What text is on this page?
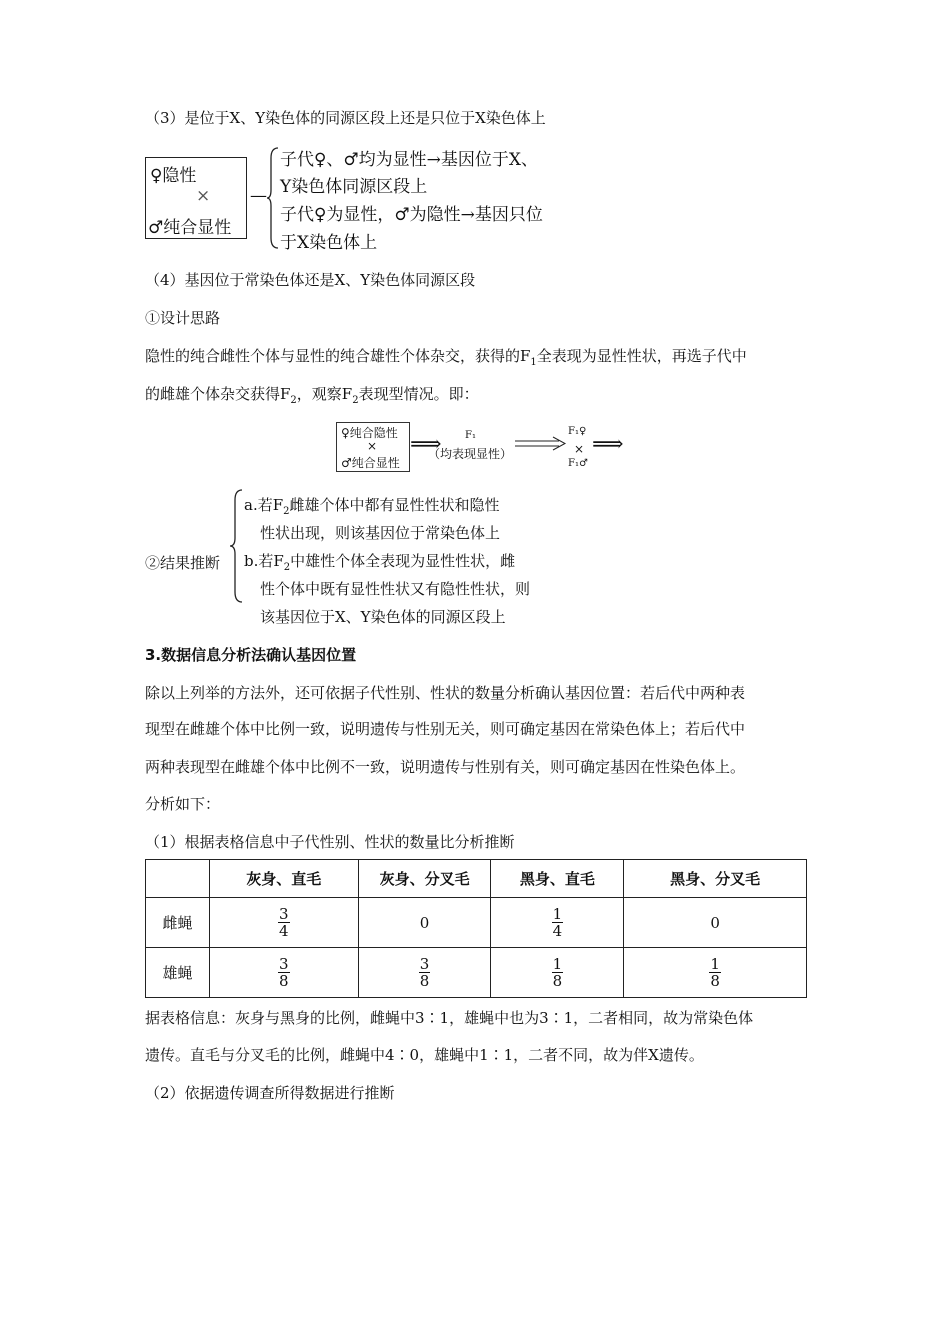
（3）是位于X、Y染色体的同源区段上还是只位于X染色体上
♀隐性
×
♂纯合显性
—
子代♀、♂均为显性→基因位于X、
Y染色体同源区段上
子代♀为显性，♂为隐性→基因只位
于X染色体上
（4）基因位于常染色体还是X、Y染色体同源区段
①设计思路
隐性的纯合雌性个体与显性的纯合雄性个体杂交，获得的$F_1$全表现为显性性状，再选子代中
的雌雄个体杂交获得$F_2$，观察$F_2$表现型情况。即：
♀纯合隐性
×
♂纯合显性
⟹ F₁
（均表现显性）
F₁♀
×
F₁♂
⟹
②结果推断
a.若$F_2$雌雄个体中都有显性性状和隐性
性状出现，则该基因位于常染色体上
b.若$F_2$中雄性个体全表现为显性性状，雌
性个体中既有显性性状又有隐性性状，则
该基因位于X、Y染色体的同源区段上
3.数据信息分析法确认基因位置
除以上列举的方法外，还可依据子代性别、性状的数量分析确认基因位置：若后代中两种表
现型在雌雄个体中比例一致，说明遗传与性别无关，则可确定基因在常染色体上；若后代中
两种表现型在雌雄个体中比例不一致，说明遗传与性别有关，则可确定基因在性染色体上。
分析如下：
（1）根据表格信息中子代性别、性状的数量比分析推断
	灰身、直毛	灰身、分叉毛	黑身、直毛	黑身、分叉毛
雌蝇	$\frac{3}{4}$	0	$\frac{1}{4}$	0
雄蝇	$\frac{3}{8}$	$\frac{3}{8}$	$\frac{1}{8}$	$\frac{1}{8}$
据表格信息：灰身与黑身的比例，雌蝇中3∶1，雄蝇中也为3∶1，二者相同，故为常染色体
遗传。直毛与分叉毛的比例，雌蝇中4∶0，雄蝇中1∶1，二者不同，故为伴X遗传。
（2）依据遗传调查所得数据进行推断
